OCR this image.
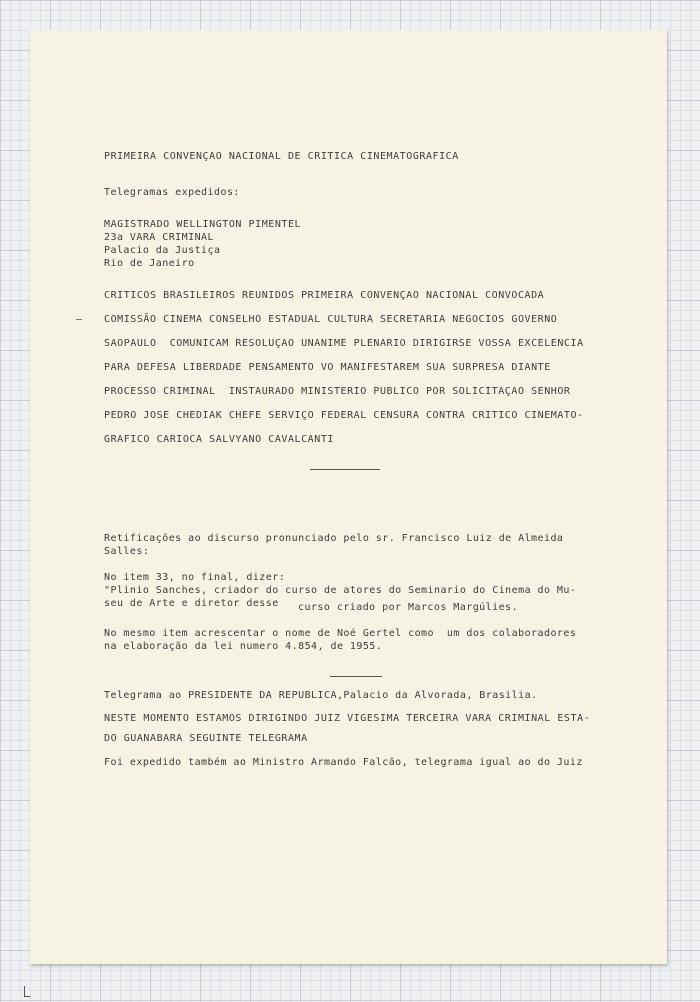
PRIMEIRA CONVENÇAO NACIONAL DE CRITICA CINEMATOGRAFICA
Telegramas expedidos:
MAGISTRADO WELLINGTON PIMENTEL
23a VARA CRIMINAL
Palacio da Justiça
Rio de Janeiro
CRITICOS BRASILEIROS REUNIDOS PRIMEIRA CONVENÇAO NACIONAL CONVOCADA
COMISSÃO CINEMA CONSELHO ESTADUAL CULTURA SECRETARIA NEGOCIOS GOVERNO
SAOPAULO  COMUNICAM RESOLUÇAO UNANIME PLENARIO DIRIGIRSE VOSSA EXCELENCIA
PARA DEFESA LIBERDADE PENSAMENTO VO MANIFESTAREM SUA SURPRESA DIANTE
PROCESSO CRIMINAL  INSTAURADO MINISTERIO PUBLICO POR SOLICITAÇAO SENHOR
PEDRO JOSE CHEDIAK CHEFE SERVIÇO FEDERAL CENSURA CONTRA CRITICO CINEMATO-
GRAFICO CARIOCA SALVYANO CAVALCANTI
Retificações ao discurso pronunciado pelo sr. Francisco Luiz de Almeida
Salles:
No item 33, no final, dizer:
"Plinio Sanches, criador do curso de atores do Seminario do Cinema do Mu-
seu de Arte e diretor desse curso criado por Marcos Margúlies.
No mesmo item acrescentar o nome de Noé Gertel como  um dos colaboradores
na elaboração da lei numero 4.854, de 1955.
Telegrama ao PRESIDENTE DA REPUBLICA,Palacio da Alvorada, Brasilia.
NESTE MOMENTO ESTAMOS DIRIGINDO JUIZ VIGESIMA TERCEIRA VARA CRIMINAL ESTA-
DO GUANABARA SEGUINTE TELEGRAMA
Foi expedido também ao Ministro Armando Falcão, telegrama igual ao do Juiz
